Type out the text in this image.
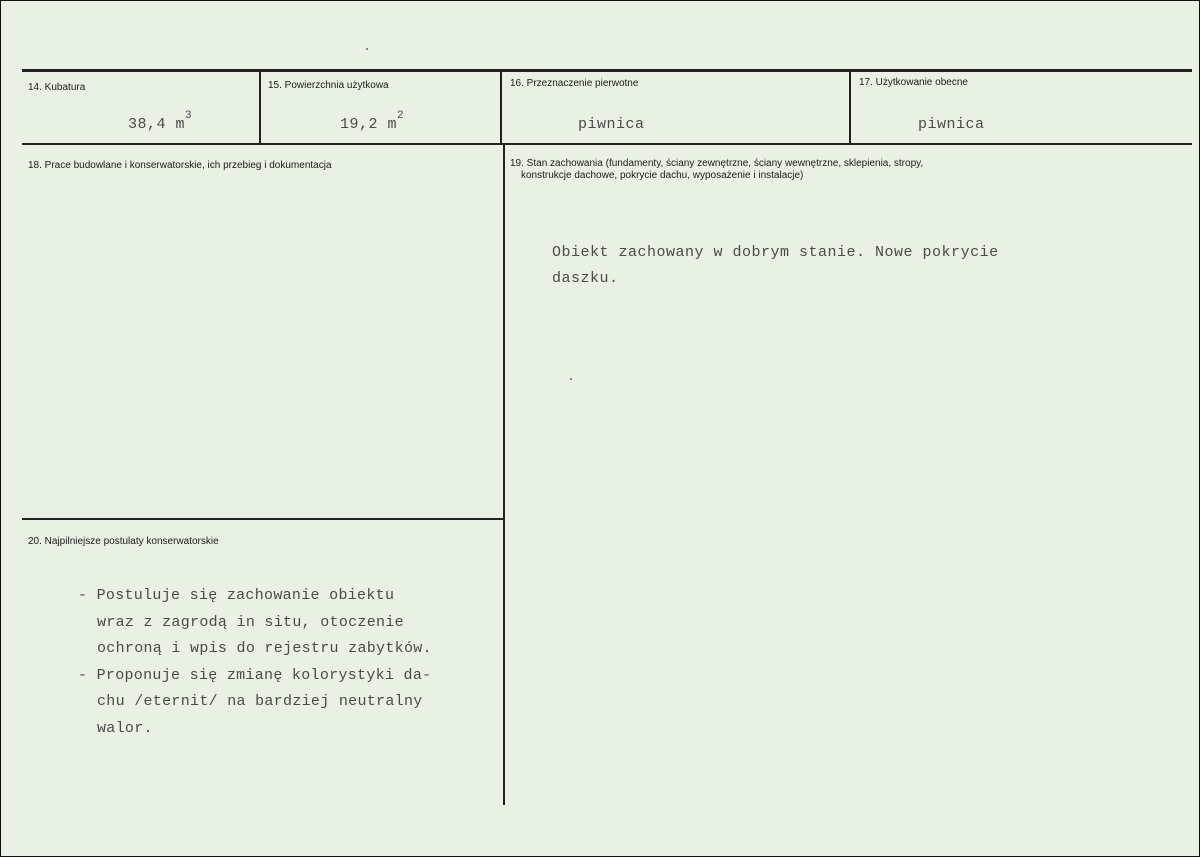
14. Kubatura	15. Powierzchnia użytkowa	16. Przeznaczenie pierwotne	17. Użytkowanie obecne
38,4 $m^3$	19,2 $m^2$	piwnica	piwnica
18. Prace budowlane i konserwatorskie, ich przebieg i dokumentacja	19. Stan zachowania (fundamenty, ściany zewnętrzne, ściany wewnętrzne, sklepienia, stropy,
konstrukcje dachowe, pokrycie dachu, wyposażenie i instalacje)
Obiekt zachowany w dobrym stanie. Nowe pokrycie
daszku.
20. Najpilniejsze postulaty konserwatorskie
- Postuluje się zachowanie obiektu
wraz z zagrodą in situ, otoczenie
ochroną i wpis do rejestru zabytków.
- Proponuje się zmianę kolorystyki da-
chu /eternit/ na bardziej neutralny
walor.
